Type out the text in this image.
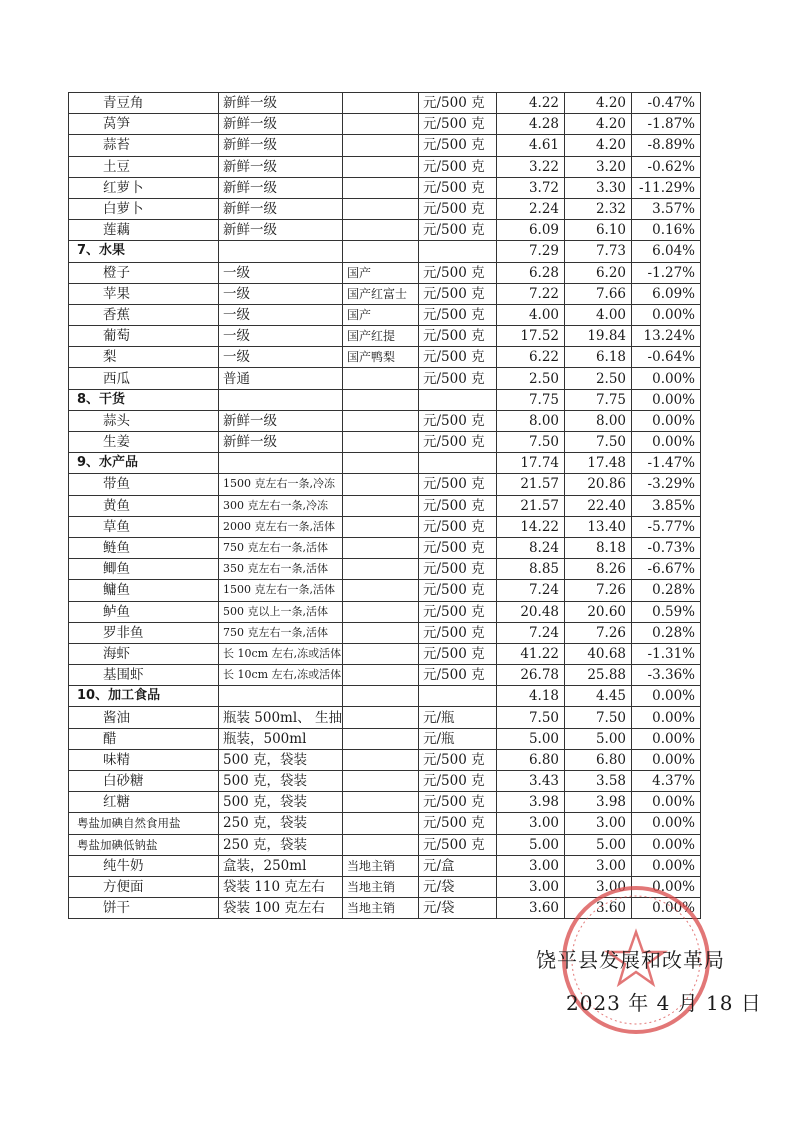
青豆角	新鲜一级		元/500 克	4.22	4.20	-0.47%
莴笋	新鲜一级		元/500 克	4.28	4.20	-1.87%
蒜苔	新鲜一级		元/500 克	4.61	4.20	-8.89%
土豆	新鲜一级		元/500 克	3.22	3.20	-0.62%
红萝卜	新鲜一级		元/500 克	3.72	3.30	-11.29%
白萝卜	新鲜一级		元/500 克	2.24	2.32	3.57%
莲藕	新鲜一级		元/500 克	6.09	6.10	0.16%
7、水果				7.29	7.73	6.04%
橙子	一级	国产	元/500 克	6.28	6.20	-1.27%
苹果	一级	国产红富士	元/500 克	7.22	7.66	6.09%
香蕉	一级	国产	元/500 克	4.00	4.00	0.00%
葡萄	一级	国产红提	元/500 克	17.52	19.84	13.24%
梨	一级	国产鸭梨	元/500 克	6.22	6.18	-0.64%
西瓜	普通		元/500 克	2.50	2.50	0.00%
8、干货				7.75	7.75	0.00%
蒜头	新鲜一级		元/500 克	8.00	8.00	0.00%
生姜	新鲜一级		元/500 克	7.50	7.50	0.00%
9、水产品				17.74	17.48	-1.47%
带鱼	1500 克左右一条,冷冻		元/500 克	21.57	20.86	-3.29%
黄鱼	300 克左右一条,冷冻		元/500 克	21.57	22.40	3.85%
草鱼	2000 克左右一条,活体		元/500 克	14.22	13.40	-5.77%
鲢鱼	750 克左右一条,活体		元/500 克	8.24	8.18	-0.73%
鲫鱼	350 克左右一条,活体		元/500 克	8.85	8.26	-6.67%
鳙鱼	1500 克左右一条,活体		元/500 克	7.24	7.26	0.28%
鲈鱼	500 克以上一条,活体		元/500 克	20.48	20.60	0.59%
罗非鱼	750 克左右一条,活体		元/500 克	7.24	7.26	0.28%
海虾	长 10cm 左右,冻或活体		元/500 克	41.22	40.68	-1.31%
基围虾	长 10cm 左右,冻或活体		元/500 克	26.78	25.88	-3.36%
10、加工食品				4.18	4.45	0.00%
酱油	瓶装 500ml、 生抽		元/瓶	7.50	7.50	0.00%
醋	瓶装，500ml		元/瓶	5.00	5.00	0.00%
味精	500 克，袋装		元/500 克	6.80	6.80	0.00%
白砂糖	500 克，袋装		元/500 克	3.43	3.58	4.37%
红糖	500 克，袋装		元/500 克	3.98	3.98	0.00%
粤盐加碘自然食用盐	250 克，袋装		元/500 克	3.00	3.00	0.00%
粤盐加碘低钠盐	250 克，袋装		元/500 克	5.00	5.00	0.00%
纯牛奶	盒装，250ml	当地主销	元/盒	3.00	3.00	0.00%
方便面	袋装 110 克左右	当地主销	元/袋	3.00	3.00	0.00%
饼干	袋装 100 克左右	当地主销	元/袋	3.60	3.60	0.00%
饶平县发展和改革局
2023 年 4 月 18 日
